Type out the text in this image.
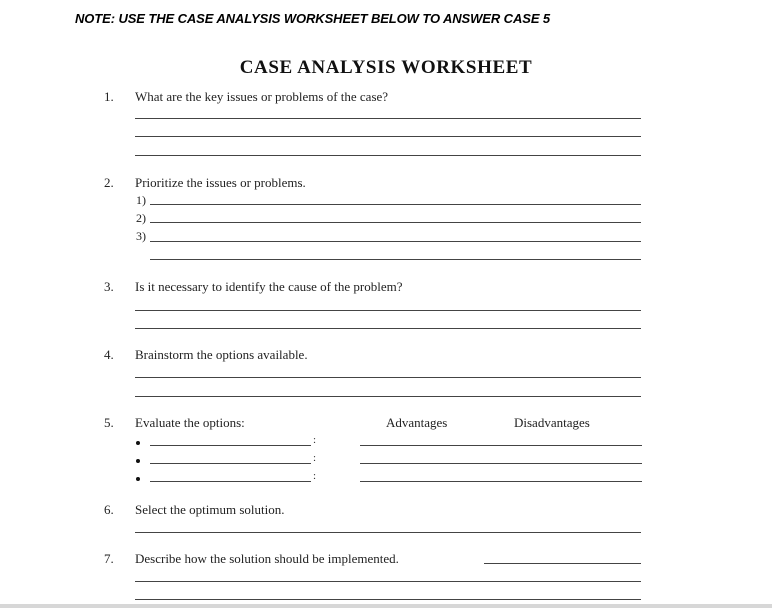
NOTE: USE THE CASE ANALYSIS WORKSHEET BELOW TO ANSWER CASE 5
CASE ANALYSIS WORKSHEET
1. What are the key issues or problems of the case?
2. Prioritize the issues or problems.
1)
2)
3)
3. Is it necessary to identify the cause of the problem?
4. Brainstorm the options available.
5. Evaluate the options:	Advantages	Disadvantages
:
:
:
6. Select the optimum solution.
7. Describe how the solution should be implemented.
